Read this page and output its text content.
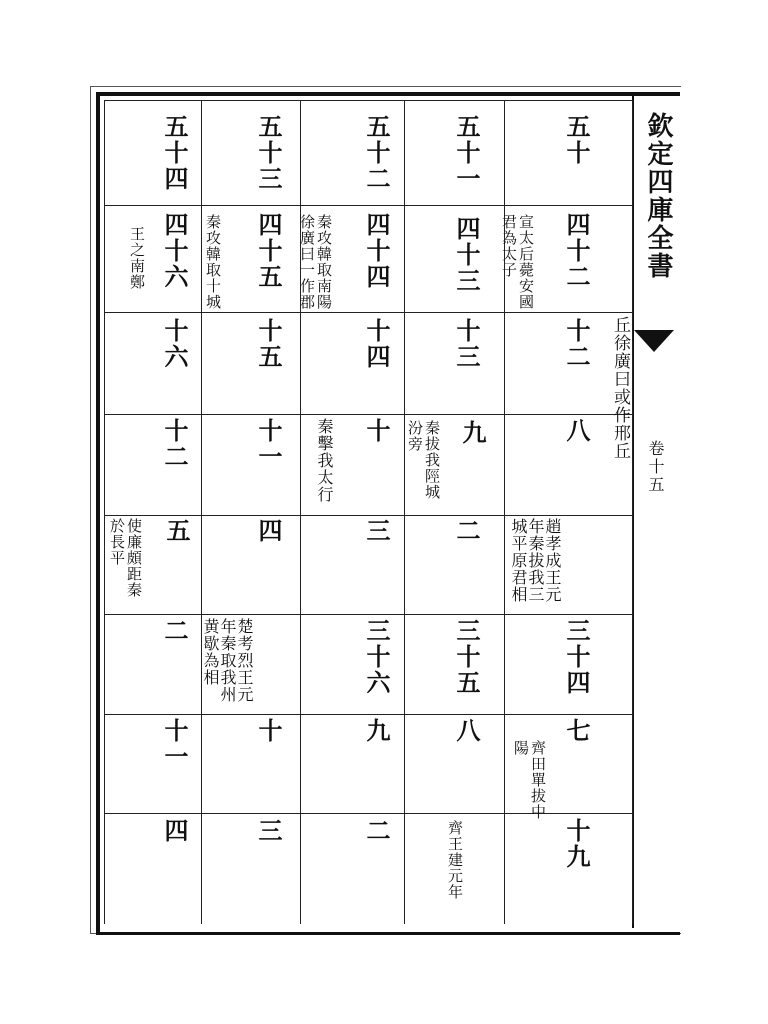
欽定四庫全書
卷十五
丘徐廣曰或作邢丘
五十
四十二
宣太后薨安國君為太子
十二
八
趙孝成王元年秦拔我三城平原君相
三十四
七
齊田單拔中陽
十九
五十一
四十三
十三
九
秦拔我陘城汾旁
二
三十五
八
齊王建元年
五十二
四十四
秦攻韓取南陽徐廣曰一作郡
十四
十
秦擊我太行
三
三十六
九
二
五十三
四十五
秦攻韓取十城
十五
十一
四
楚考烈王元年秦取我州黄歇為相
十
三
五十四
四十六
王之南鄭
十六
十二
五
使廉頗距秦於長平
二
十一
四
